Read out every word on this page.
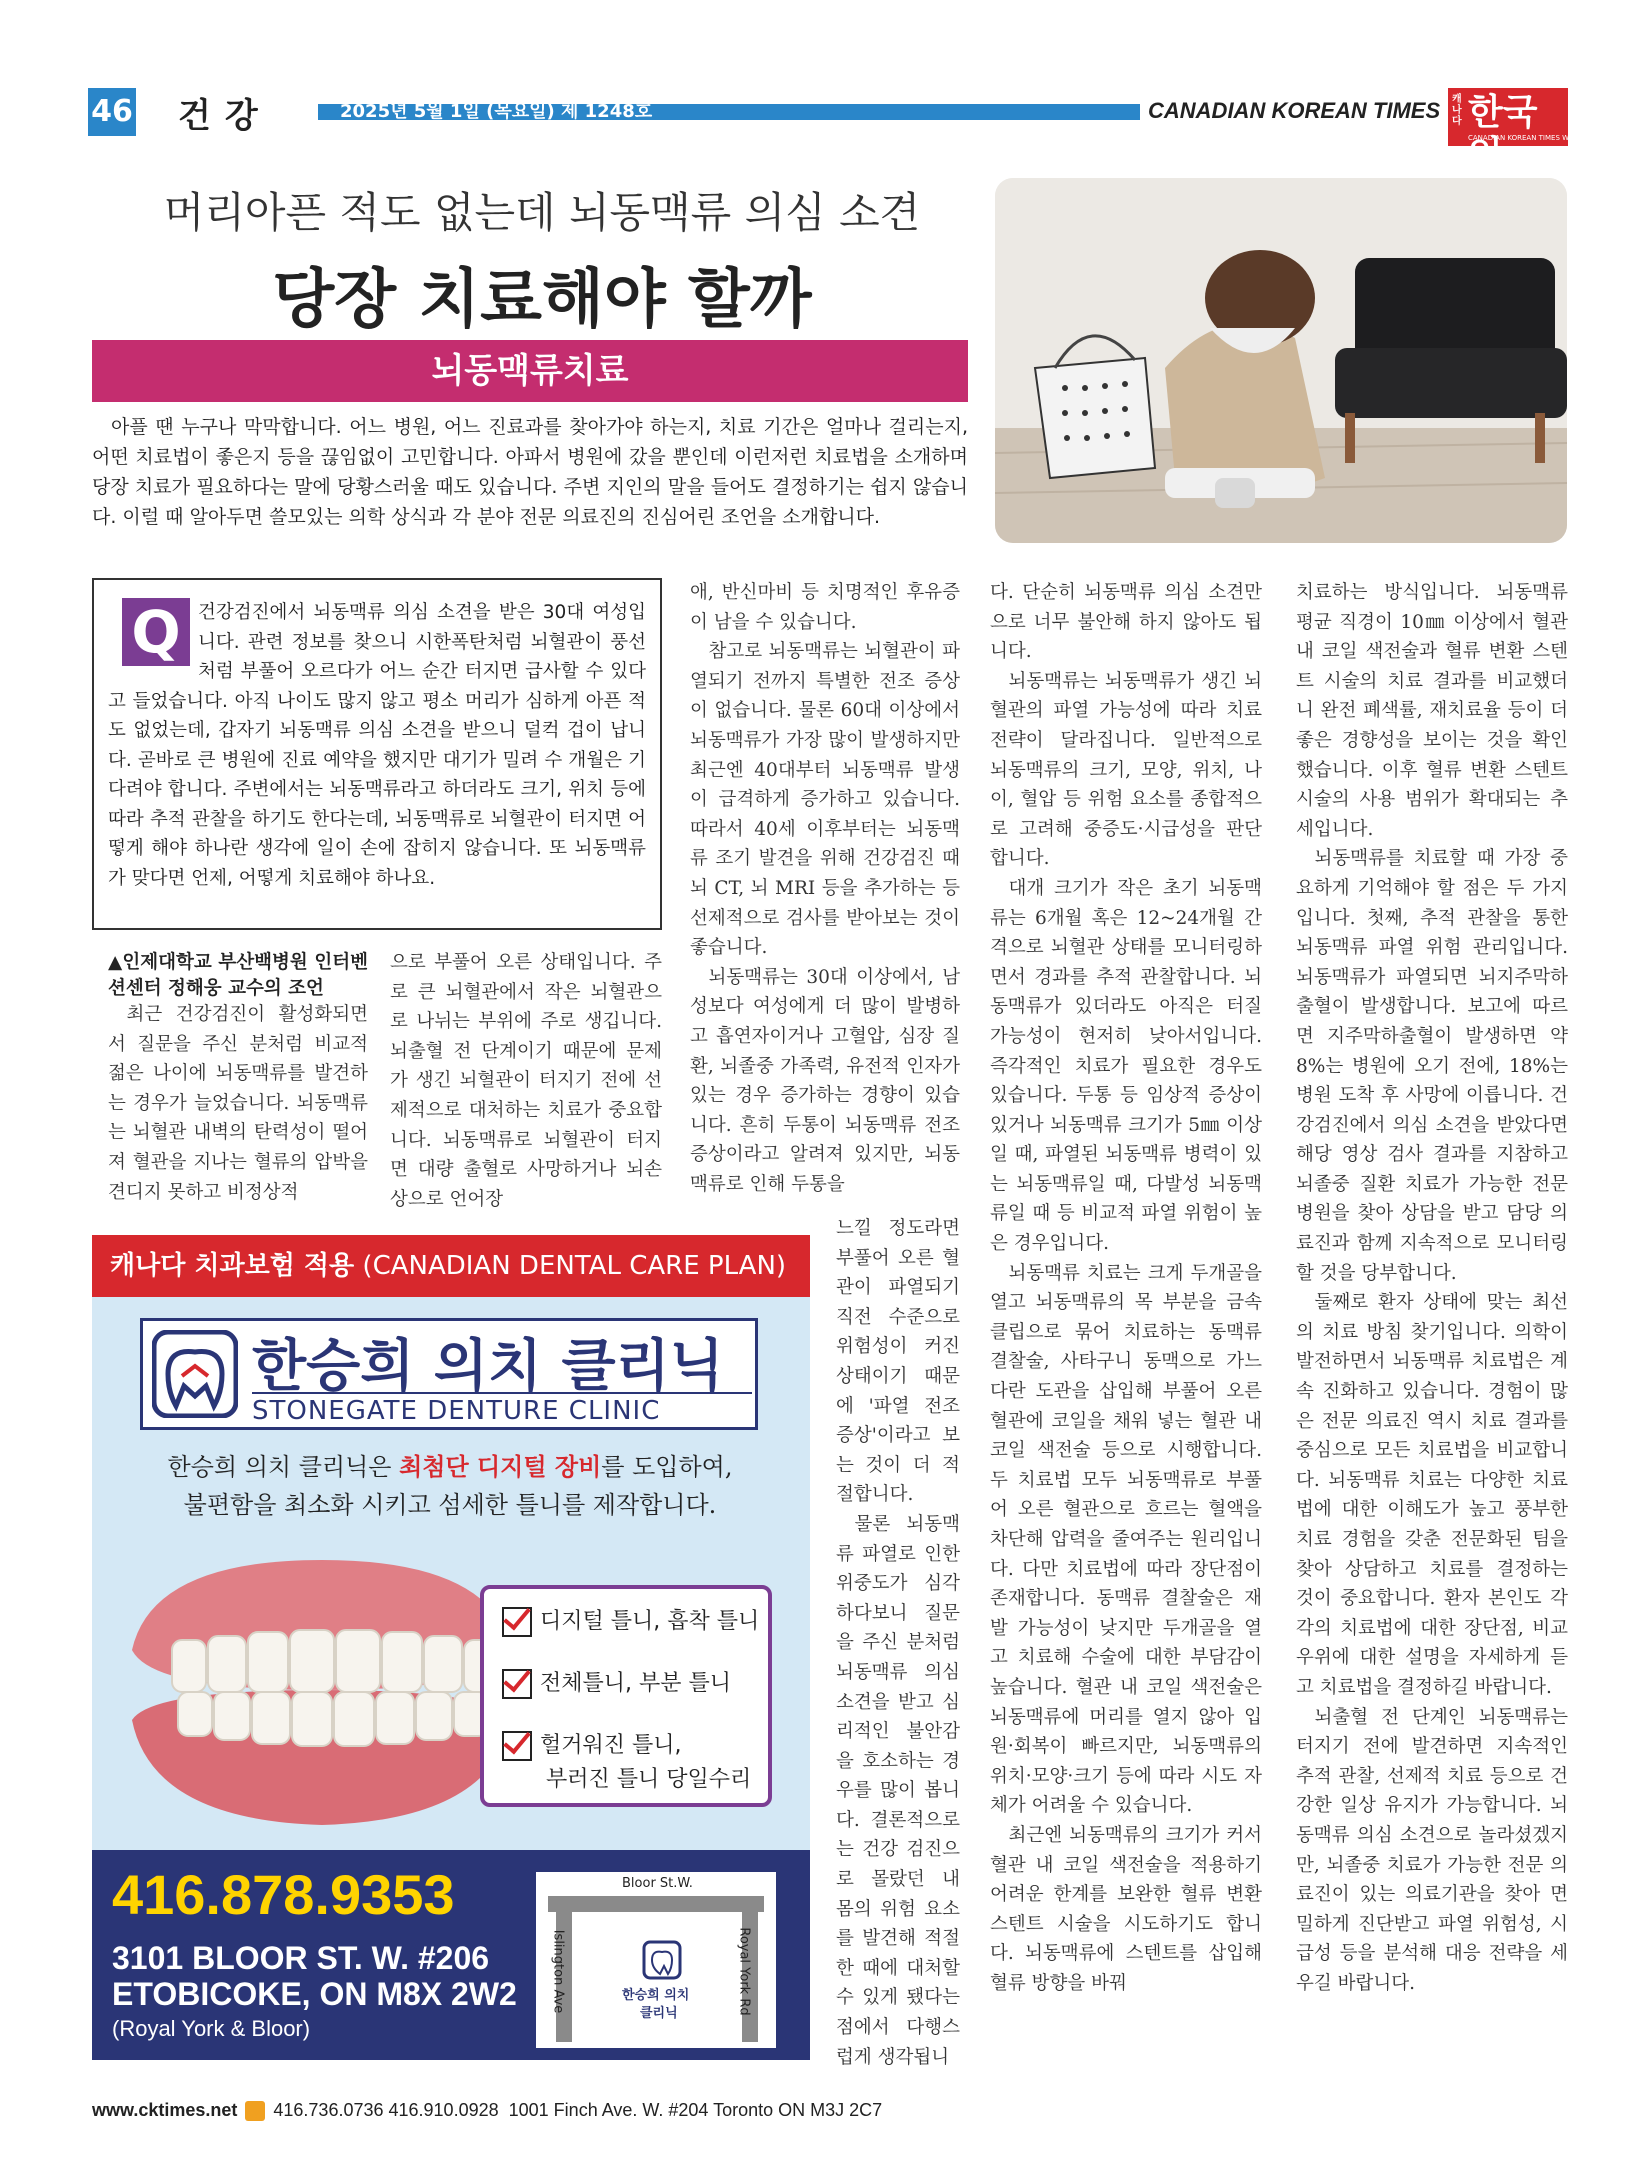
46 건강	2025년 5월 1일 (목요일) 제 1248호	CANADIAN KOREAN TIMES 캐나다 한국인
CANADIAN KOREAN TIMES WEEKLY
머리아픈 적도 없는데 뇌동맥류 의심 소견
당장 치료해야 할까
뇌동맥류치료
아플 땐 누구나 막막합니다. 어느 병원, 어느 진료과를 찾아가야 하는지, 치료 기간은 얼마나 걸리는지, 어떤 치료법이 좋은지 등을 끊임없이 고민합니다. 아파서 병원에 갔을 뿐인데 이런저런 치료법을 소개하며 당장 치료가 필요하다는 말에 당황스러울 때도 있습니다. 주변 지인의 말을 들어도 결정하기는 쉽지 않습니다. 이럴 때 알아두면 쓸모있는 의학 상식과 각 분야 전문 의료진의 진심어린 조언을 소개합니다.
Q 건강검진에서 뇌동맥류 의심 소견을 받은 30대 여성입니다. 관련 정보를 찾으니 시한폭탄처럼 뇌혈관이 풍선처럼 부풀어 오르다가 어느 순간 터지면 급사할 수 있다고 들었습니다. 아직 나이도 많지 않고 평소 머리가 심하게 아픈 적도 없었는데, 갑자기 뇌동맥류 의심 소견을 받으니 덜컥 겁이 납니다. 곧바로 큰 병원에 진료 예약을 했지만 대기가 밀려 수 개월은 기다려야 합니다. 주변에서는 뇌동맥류라고 하더라도 크기, 위치 등에 따라 추적 관찰을 하기도 한다는데, 뇌동맥류로 뇌혈관이 터지면 어떻게 해야 하나란 생각에 일이 손에 잡히지 않습니다. 또 뇌동맥류가 맞다면 언제, 어떻게 치료해야 하나요.

▲인제대학교 부산백병원 인터벤션센터 정해웅 교수의 조언

최근 건강검진이 활성화되면서 질문을 주신 분처럼 비교적 젊은 나이에 뇌동맥류를 발견하는 경우가 늘었습니다. 뇌동맥류는 뇌혈관 내벽의 탄력성이 떨어져 혈관을 지나는 혈류의 압박을 견디지 못하고 비정상적

으로 부풀어 오른 상태입니다. 주로 큰 뇌혈관에서 작은 뇌혈관으로 나뉘는 부위에 주로 생깁니다. 뇌출혈 전 단계이기 때문에 문제가 생긴 뇌혈관이 터지기 전에 선제적으로 대처하는 치료가 중요합니다. 뇌동맥류로 뇌혈관이 터지면 대량 출혈로 사망하거나 뇌손상으로 언어장

애, 반신마비 등 치명적인 후유증이 남을 수 있습니다.

참고로 뇌동맥류는 뇌혈관이 파열되기 전까지 특별한 전조 증상이 없습니다. 물론 60대 이상에서 뇌동맥류가 가장 많이 발생하지만 최근엔 40대부터 뇌동맥류 발생이 급격하게 증가하고 있습니다. 따라서 40세 이후부터는 뇌동맥류 조기 발견을 위해 건강검진 때 뇌 CT, 뇌 MRI 등을 추가하는 등 선제적으로 검사를 받아보는 것이 좋습니다.

뇌동맥류는 30대 이상에서, 남성보다 여성에게 더 많이 발병하고 흡연자이거나 고혈압, 심장 질환, 뇌졸중 가족력, 유전적 인자가 있는 경우 증가하는 경향이 있습니다. 흔히 두통이 뇌동맥류 전조 증상이라고 알려져 있지만, 뇌동맥류로 인해 두통을

느낄 정도라면 부풀어 오른 혈관이 파열되기 직전 수준으로 위험성이 커진 상태이기 때문에 '파열 전조 증상'이라고 보는 것이 더 적절합니다.

물론 뇌동맥류 파열로 인한 위중도가 심각하다보니 질문을 주신 분처럼 뇌동맥류 의심 소견을 받고 심리적인 불안감을 호소하는 경우를 많이 봅니다. 결론적으로는 건강 검진으로 몰랐던 내 몸의 위험 요소를 발견해 적절한 때에 대처할 수 있게 됐다는 점에서 다행스럽게 생각됩니

다. 단순히 뇌동맥류 의심 소견만으로 너무 불안해 하지 않아도 됩니다.

뇌동맥류는 뇌동맥류가 생긴 뇌혈관의 파열 가능성에 따라 치료 전략이 달라집니다. 일반적으로 뇌동맥류의 크기, 모양, 위치, 나이, 혈압 등 위험 요소를 종합적으로 고려해 중증도·시급성을 판단합니다.

대개 크기가 작은 초기 뇌동맥류는 6개월 혹은 12~24개월 간격으로 뇌혈관 상태를 모니터링하면서 경과를 추적 관찰합니다. 뇌동맥류가 있더라도 아직은 터질 가능성이 현저히 낮아서입니다. 즉각적인 치료가 필요한 경우도 있습니다. 두통 등 임상적 증상이 있거나 뇌동맥류 크기가 5㎜ 이상일 때, 파열된 뇌동맥류 병력이 있는 뇌동맥류일 때, 다발성 뇌동맥류일 때 등 비교적 파열 위험이 높은 경우입니다.

뇌동맥류 치료는 크게 두개골을 열고 뇌동맥류의 목 부분을 금속 클립으로 묶어 치료하는 동맥류 결찰술, 사타구니 동맥으로 가느다란 도관을 삽입해 부풀어 오른 혈관에 코일을 채워 넣는 혈관 내 코일 색전술 등으로 시행합니다. 두 치료법 모두 뇌동맥류로 부풀어 오른 혈관으로 흐르는 혈액을 차단해 압력을 줄여주는 원리입니다. 다만 치료법에 따라 장단점이 존재합니다. 동맥류 결찰술은 재발 가능성이 낮지만 두개골을 열고 치료해 수술에 대한 부담감이 높습니다. 혈관 내 코일 색전술은 뇌동맥류에 머리를 열지 않아 입원·회복이 빠르지만, 뇌동맥류의 위치·모양·크기 등에 따라 시도 자체가 어려울 수 있습니다.

최근엔 뇌동맥류의 크기가 커서 혈관 내 코일 색전술을 적용하기 어려운 한계를 보완한 혈류 변환 스텐트 시술을 시도하기도 합니다. 뇌동맥류에 스텐트를 삽입해 혈류 방향을 바꿔

치료하는 방식입니다. 뇌동맥류 평균 직경이 10㎜ 이상에서 혈관 내 코일 색전술과 혈류 변환 스텐트 시술의 치료 결과를 비교했더니 완전 폐색률, 재치료율 등이 더 좋은 경향성을 보이는 것을 확인했습니다. 이후 혈류 변환 스텐트 시술의 사용 범위가 확대되는 추세입니다.

뇌동맥류를 치료할 때 가장 중요하게 기억해야 할 점은 두 가지입니다. 첫째, 추적 관찰을 통한 뇌동맥류 파열 위험 관리입니다. 뇌동맥류가 파열되면 뇌지주막하출혈이 발생합니다. 보고에 따르면 지주막하출혈이 발생하면 약 8%는 병원에 오기 전에, 18%는 병원 도착 후 사망에 이릅니다. 건강검진에서 의심 소견을 받았다면 해당 영상 검사 결과를 지참하고 뇌졸중 질환 치료가 가능한 전문 병원을 찾아 상담을 받고 담당 의료진과 함께 지속적으로 모니터링할 것을 당부합니다.

둘째로 환자 상태에 맞는 최선의 치료 방침 찾기입니다. 의학이 발전하면서 뇌동맥류 치료법은 계속 진화하고 있습니다. 경험이 많은 전문 의료진 역시 치료 결과를 중심으로 모든 치료법을 비교합니다. 뇌동맥류 치료는 다양한 치료법에 대한 이해도가 높고 풍부한 치료 경험을 갖춘 전문화된 팀을 찾아 상담하고 치료를 결정하는 것이 중요합니다. 환자 본인도 각각의 치료법에 대한 장단점, 비교 우위에 대한 설명을 자세하게 듣고 치료법을 결정하길 바랍니다.

뇌출혈 전 단계인 뇌동맥류는 터지기 전에 발견하면 지속적인 추적 관찰, 선제적 치료 등으로 건강한 일상 유지가 가능합니다. 뇌동맥류 의심 소견으로 놀라셨겠지만, 뇌졸중 치료가 가능한 전문 의료진이 있는 의료기관을 찾아 면밀하게 진단받고 파열 위험성, 시급성 등을 분석해 대응 전략을 세우길 바랍니다.

캐나다 치과보험 적용 (CANADIAN DENTAL CARE PLAN)
한승희 의치 클리닉
STONEGATE DENTURE CLINIC
한승희 의치 클리닉은 최첨단 디지털 장비를 도입하여,
불편함을 최소화 시키고 섬세한 틀니를 제작합니다.
디지털 틀니, 흡착 틀니
전체틀니, 부분 틀니
헐거워진 틀니,
부러진 틀니 당일수리
416.878.9353
3101 BLOOR ST. W. #206
ETOBICOKE, ON M8X 2W2
(Royal York & Bloor)
Bloor St.W.
Islington Ave	Royal York Rd
한승희 의치
클리닉
www.cktimes.net 416.736.0736 416.910.0928 1001 Finch Ave. W. #204 Toronto ON M3J 2C7
